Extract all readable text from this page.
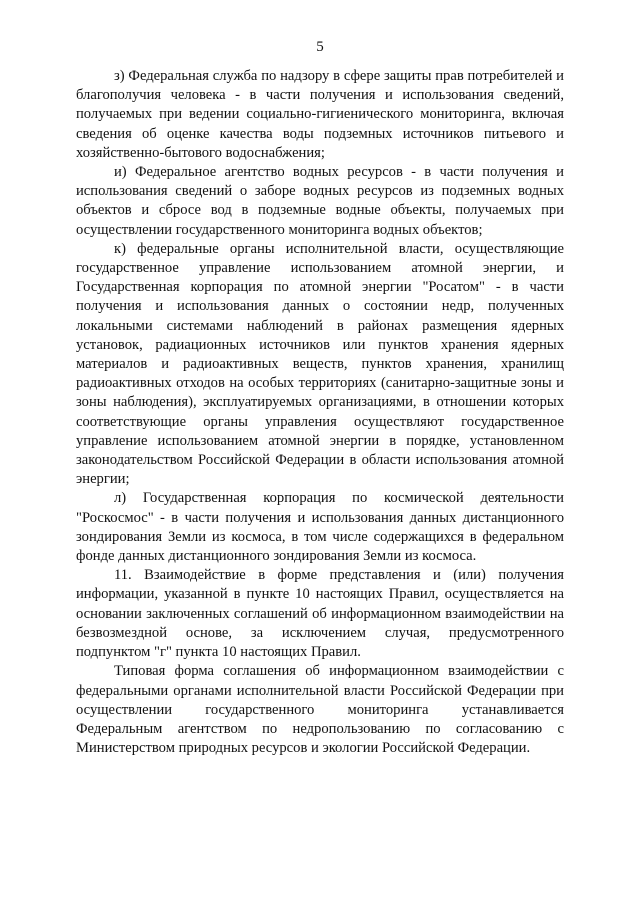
5

з) Федеральная служба по надзору в сфере защиты прав потребителей и благополучия человека - в части получения и использования сведений, получаемых при ведении социально-гигиенического мониторинга, включая сведения об оценке качества воды подземных источников питьевого и хозяйственно-бытового водоснабжения;

и) Федеральное агентство водных ресурсов - в части получения и использования сведений о заборе водных ресурсов из подземных водных объектов и сбросе вод в подземные водные объекты, получаемых при осуществлении государственного мониторинга водных объектов;

к) федеральные органы исполнительной власти, осуществляющие государственное управление использованием атомной энергии, и Государственная корпорация по атомной энергии "Росатом" - в части получения и использования данных о состоянии недр, полученных локальными системами наблюдений в районах размещения ядерных установок, радиационных источников или пунктов хранения ядерных материалов и радиоактивных веществ, пунктов хранения, хранилищ радиоактивных отходов на особых территориях (санитарно-защитные зоны и зоны наблюдения), эксплуатируемых организациями, в отношении которых соответствующие органы управления осуществляют государственное управление использованием атомной энергии в порядке, установленном законодательством Российской Федерации в области использования атомной энергии;

л) Государственная корпорация по космической деятельности "Роскосмос" - в части получения и использования данных дистанционного зондирования Земли из космоса, в том числе содержащихся в федеральном фонде данных дистанционного зондирования Земли из космоса.

11. Взаимодействие в форме представления и (или) получения информации, указанной в пункте 10 настоящих Правил, осуществляется на основании заключенных соглашений об информационном взаимодействии на безвозмездной основе, за исключением случая, предусмотренного подпунктом "г" пункта 10 настоящих Правил.

Типовая форма соглашения об информационном взаимодействии с федеральными органами исполнительной власти Российской Федерации при осуществлении государственного мониторинга устанавливается Федеральным агентством по недропользованию по согласованию с Министерством природных ресурсов и экологии Российской Федерации.
